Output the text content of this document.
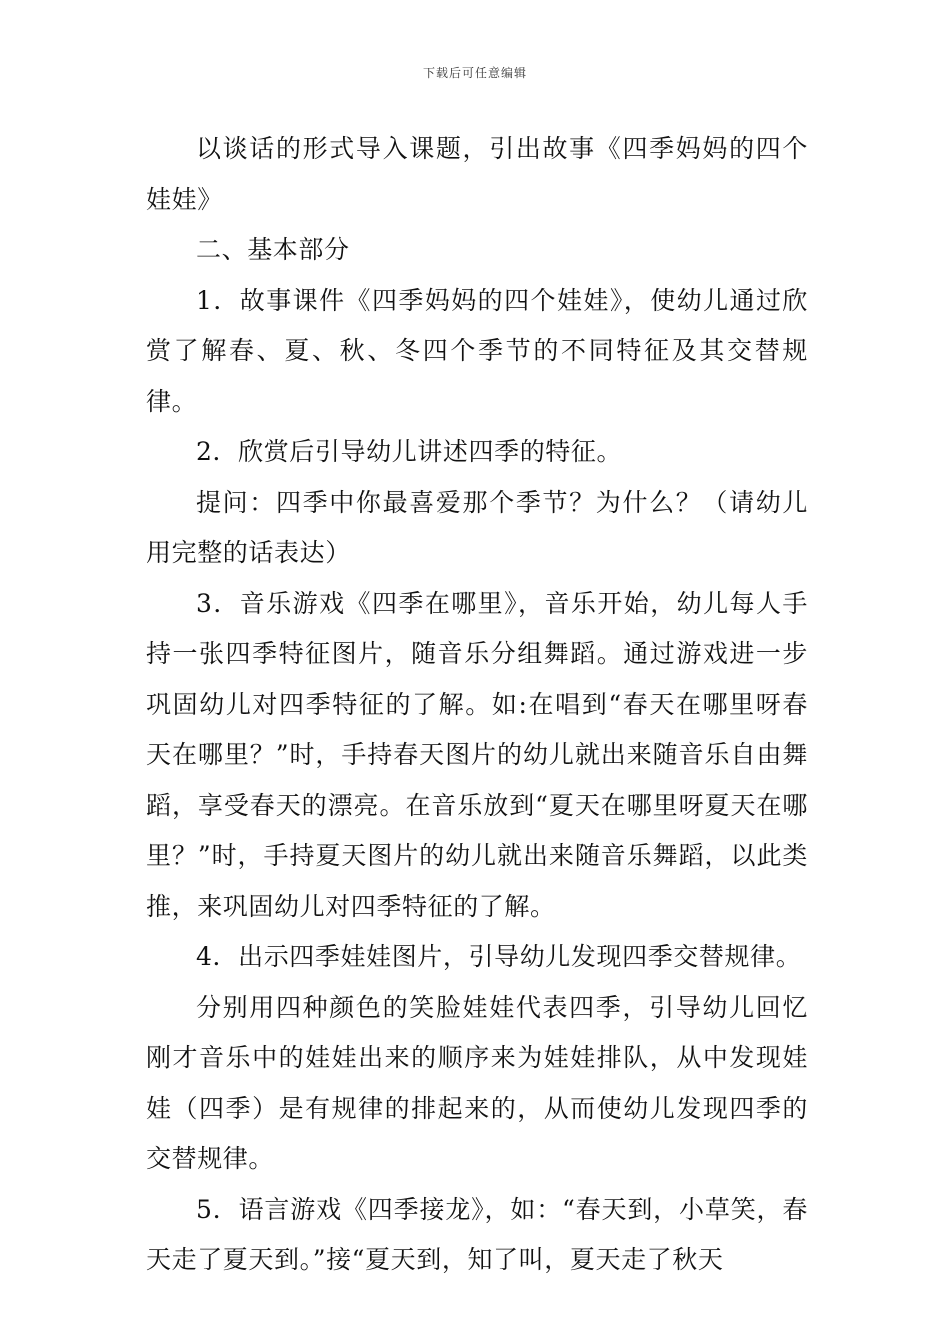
下载后可任意编辑

以谈话的形式导入课题，引出故事《四季妈妈的四个娃娃》

二、基本部分

1．故事课件《四季妈妈的四个娃娃》，使幼儿通过欣赏了解春、夏、秋、冬四个季节的不同特征及其交替规律。

2．欣赏后引导幼儿讲述四季的特征。

提问：四季中你最喜爱那个季节？为什么？（请幼儿用完整的话表达）

3．音乐游戏《四季在哪里》，音乐开始，幼儿每人手持一张四季特征图片，随音乐分组舞蹈。通过游戏进一步巩固幼儿对四季特征的了解。如:在唱到“春天在哪里呀春天在哪里？”时，手持春天图片的幼儿就出来随音乐自由舞蹈，享受春天的漂亮。在音乐放到“夏天在哪里呀夏天在哪里？”时，手持夏天图片的幼儿就出来随音乐舞蹈，以此类推，来巩固幼儿对四季特征的了解。

4．出示四季娃娃图片，引导幼儿发现四季交替规律。

分别用四种颜色的笑脸娃娃代表四季，引导幼儿回忆刚才音乐中的娃娃出来的顺序来为娃娃排队，从中发现娃娃（四季）是有规律的排起来的，从而使幼儿发现四季的交替规律。

5．语言游戏《四季接龙》，如：“春天到，小草笑，春天走了夏天到。”接“夏天到，知了叫，夏天走了秋天
